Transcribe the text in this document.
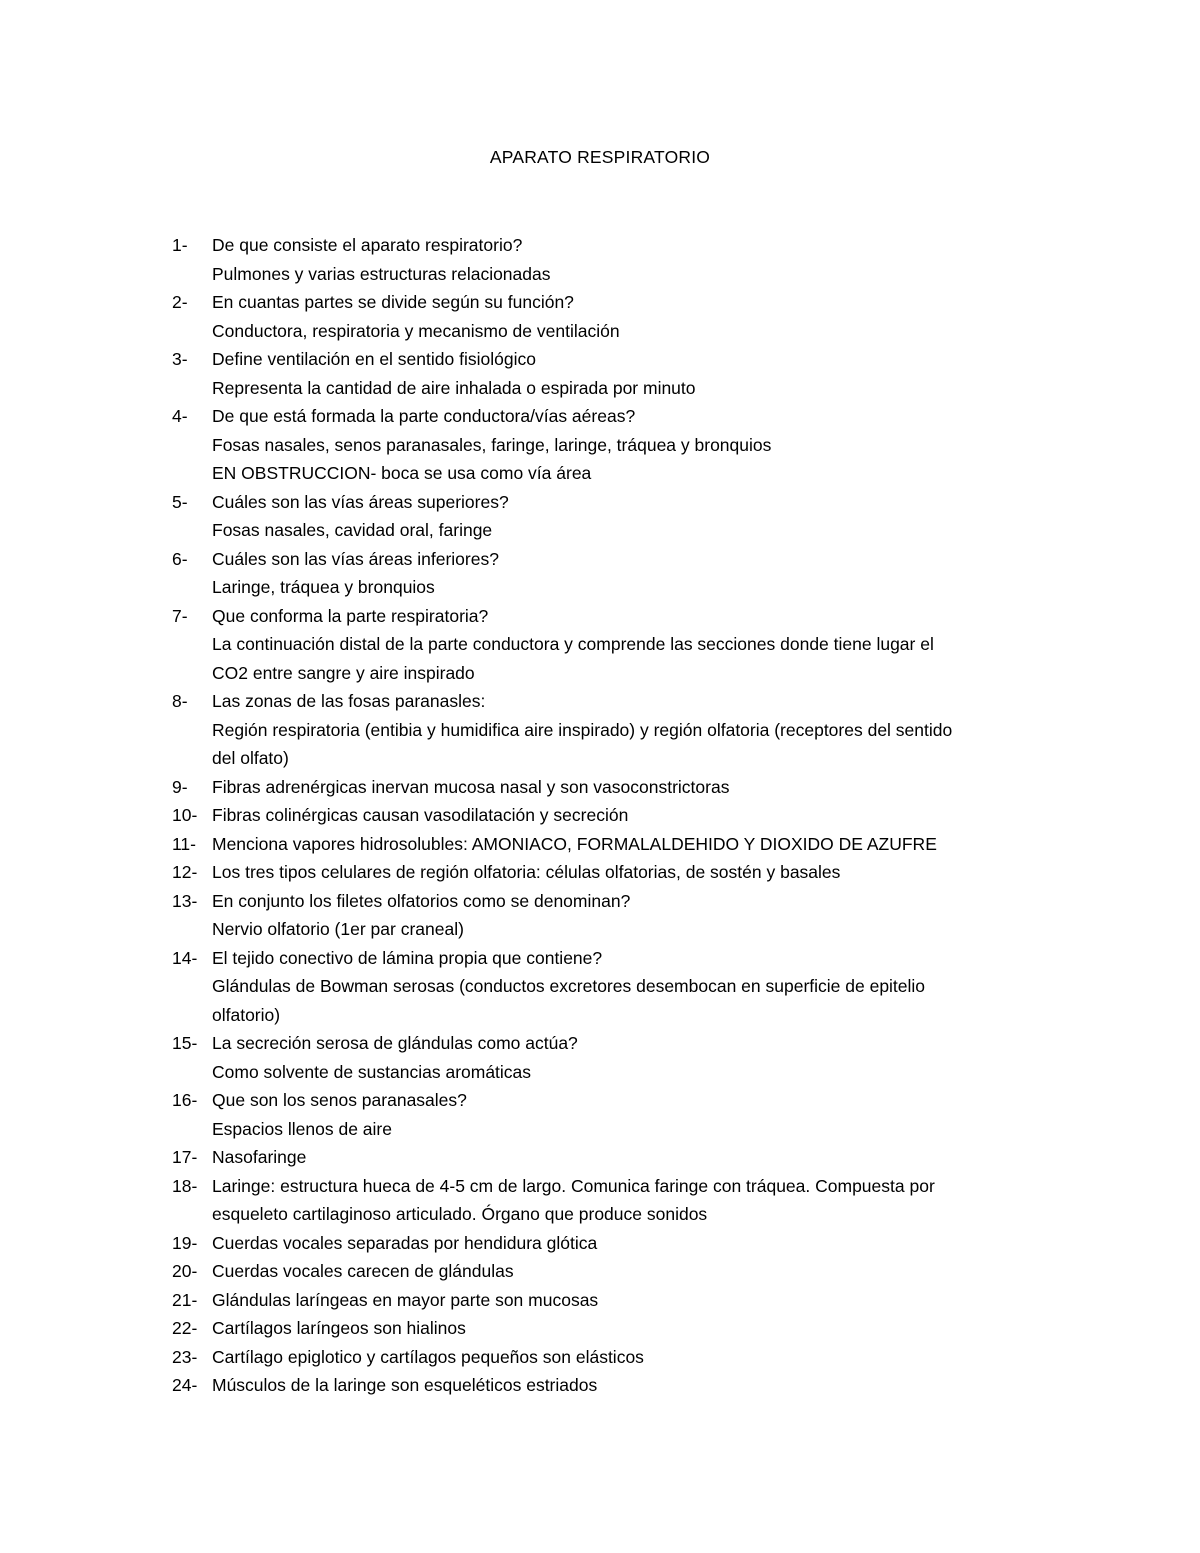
APARATO RESPIRATORIO
1-	De que consiste el aparato respiratorio?
Pulmones y varias estructuras relacionadas
2-	En cuantas partes se divide según su función?
Conductora, respiratoria y mecanismo de ventilación
3-	Define ventilación en el sentido fisiológico
Representa la cantidad de aire inhalada o espirada por minuto
4-	De que está formada la parte conductora/vías aéreas?
Fosas nasales, senos paranasales, faringe, laringe, tráquea y bronquios
EN OBSTRUCCION- boca se usa como vía área
5-	Cuáles son las vías áreas superiores?
Fosas nasales, cavidad oral, faringe
6-	Cuáles son las vías áreas inferiores?
Laringe, tráquea y bronquios
7-	Que conforma la parte respiratoria?
La continuación distal de la parte conductora y comprende las secciones donde tiene lugar el
CO2 entre sangre y aire inspirado
8-	Las zonas de las fosas paranasles:
Región respiratoria (entibia y humidifica aire inspirado) y región olfatoria (receptores del sentido
del olfato)
9-	Fibras adrenérgicas inervan mucosa nasal y son vasoconstrictoras
10- Fibras colinérgicas causan vasodilatación y secreción
11- Menciona vapores hidrosolubles: AMONIACO, FORMALALDEHIDO Y DIOXIDO DE AZUFRE
12- Los tres tipos celulares de región olfatoria: células olfatorias, de sostén y basales
13- En conjunto los filetes olfatorios como se denominan?
Nervio olfatorio (1er par craneal)
14- El tejido conectivo de lámina propia que contiene?
Glándulas de Bowman serosas (conductos excretores desembocan en superficie de epitelio
olfatorio)
15- La secreción serosa de glándulas como actúa?
Como solvente de sustancias aromáticas
16- Que son los senos paranasales?
Espacios llenos de aire
17- Nasofaringe
18- Laringe: estructura hueca de 4-5 cm de largo. Comunica faringe con tráquea. Compuesta por
esqueleto cartilaginoso articulado. Órgano que produce sonidos
19- Cuerdas vocales separadas por hendidura glótica
20- Cuerdas vocales carecen de glándulas
21- Glándulas laríngeas en mayor parte son mucosas
22- Cartílagos laríngeos son hialinos
23- Cartílago epiglotico y cartílagos pequeños son elásticos
24- Músculos de la laringe son esqueléticos estriados
